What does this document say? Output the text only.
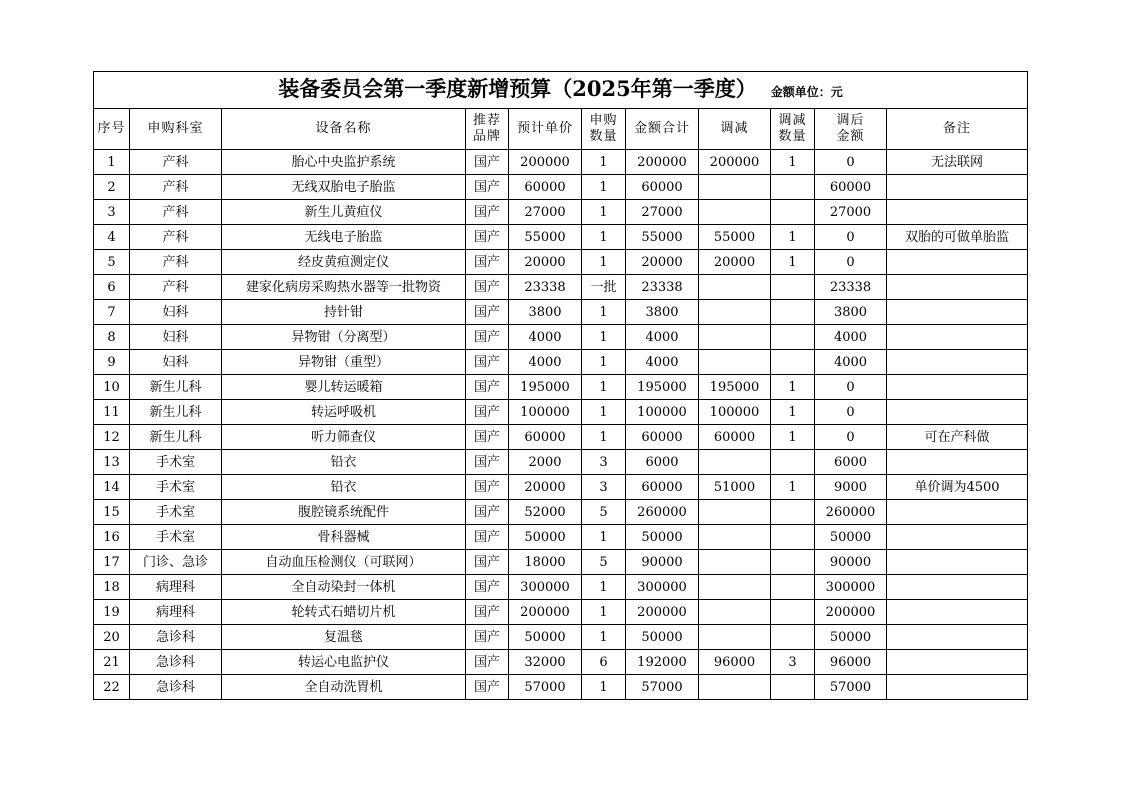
装备委员会第一季度新增预算（2025年第一季度） 金额单位：元										
序号	申购科室	设备名称	推荐品牌	预计单价	申购数量	金额合计	调减	调减数量	调后金额	备注
1	产科	胎心中央监护系统	国产	200000	1	200000	200000	1	0	无法联网
2	产科	无线双胎电子胎监	国产	60000	1	60000			60000	
3	产科	新生儿黄疸仪	国产	27000	1	27000			27000	
4	产科	无线电子胎监	国产	55000	1	55000	55000	1	0	双胎的可做单胎监
5	产科	经皮黄疸测定仪	国产	20000	1	20000	20000	1	0	
6	产科	建家化病房采购热水器等一批物资	国产	23338	一批	23338			23338	
7	妇科	持针钳	国产	3800	1	3800			3800	
8	妇科	异物钳（分离型）	国产	4000	1	4000			4000	
9	妇科	异物钳（重型）	国产	4000	1	4000			4000	
10	新生儿科	婴儿转运暖箱	国产	195000	1	195000	195000	1	0	
11	新生儿科	转运呼吸机	国产	100000	1	100000	100000	1	0	
12	新生儿科	听力筛查仪	国产	60000	1	60000	60000	1	0	可在产科做
13	手术室	铅衣	国产	2000	3	6000			6000	
14	手术室	铅衣	国产	20000	3	60000	51000	1	9000	单价调为4500
15	手术室	腹腔镜系统配件	国产	52000	5	260000			260000	
16	手术室	骨科器械	国产	50000	1	50000			50000	
17	门诊、急诊	自动血压检测仪（可联网）	国产	18000	5	90000			90000	
18	病理科	全自动染封一体机	国产	300000	1	300000			300000	
19	病理科	轮转式石蜡切片机	国产	200000	1	200000			200000	
20	急诊科	复温毯	国产	50000	1	50000			50000	
21	急诊科	转运心电监护仪	国产	32000	6	192000	96000	3	96000	
22	急诊科	全自动洗胃机	国产	57000	1	57000			57000	
